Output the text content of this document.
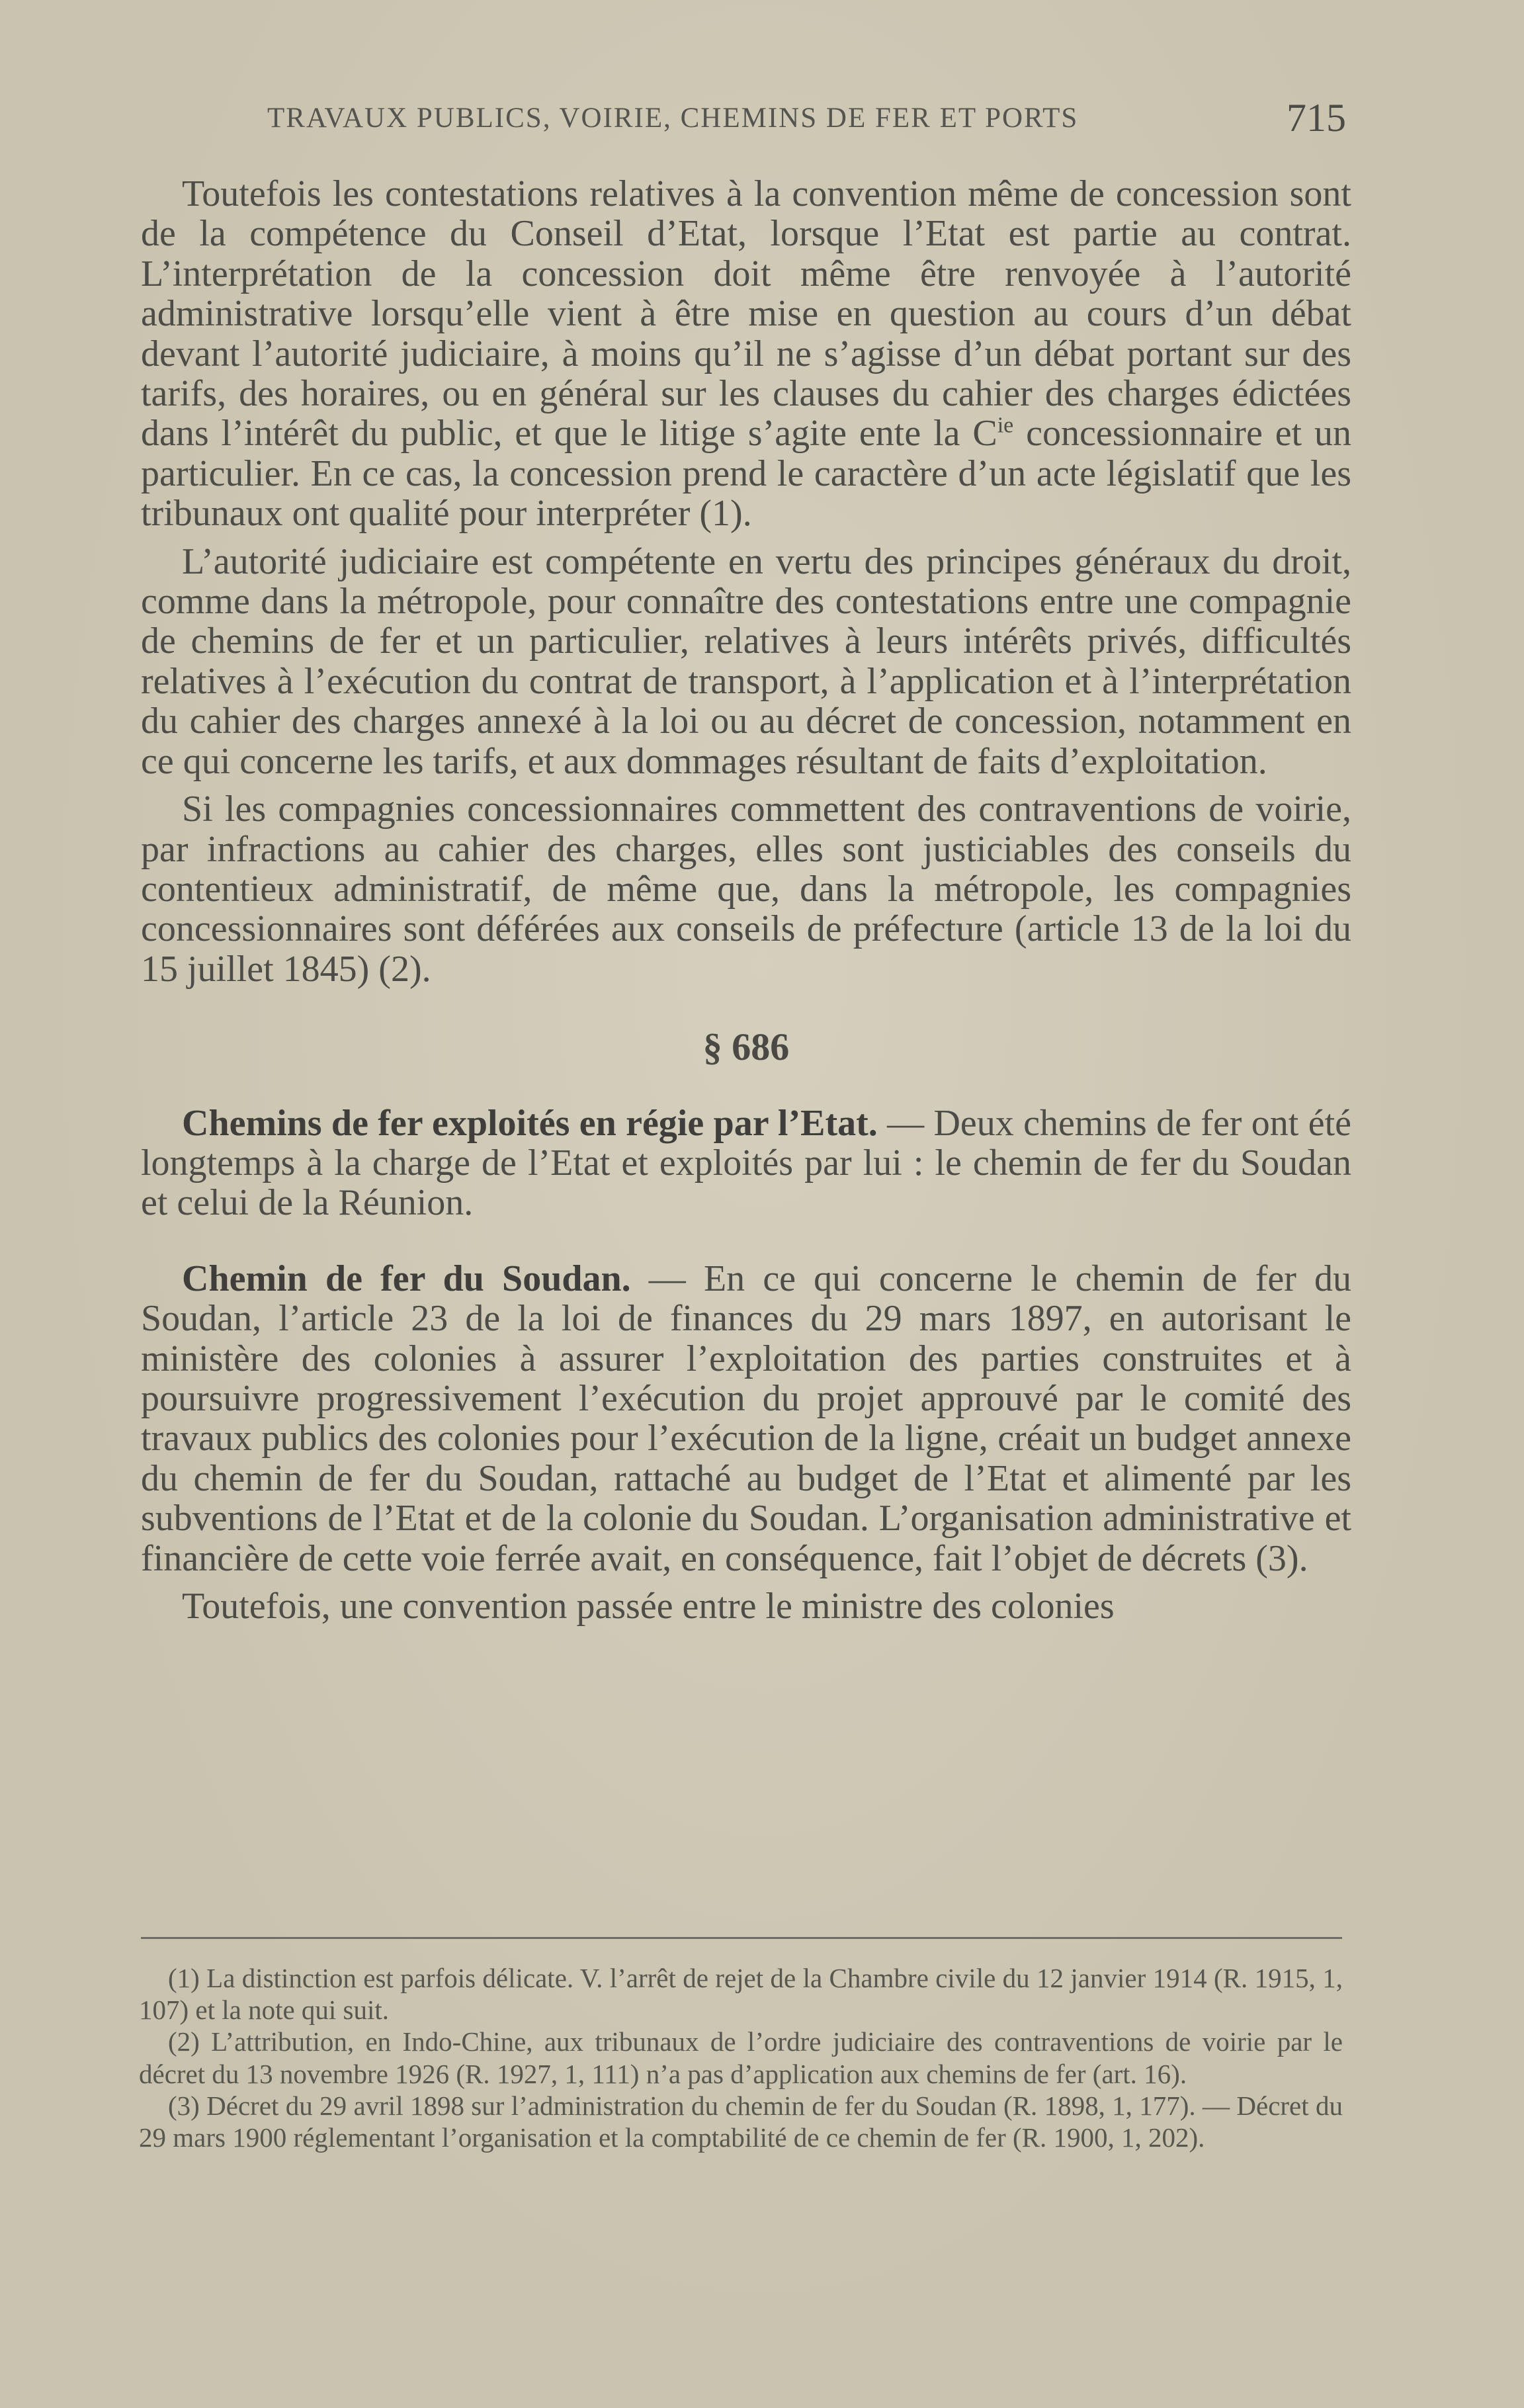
TRAVAUX PUBLICS, VOIRIE, CHEMINS DE FER ET PORTS	715

Toutefois les contestations relatives à la convention même de concession sont de la compétence du Conseil d’Etat, lorsque l’Etat est partie au contrat. L’interprétation de la concession doit même être renvoyée à l’autorité administrative lorsqu’elle vient à être mise en question au cours d’un débat devant l’autorité judiciaire, à moins qu’il ne s’agisse d’un débat portant sur des tarifs, des horaires, ou en général sur les clauses du cahier des charges édictées dans l’intérêt du public, et que le litige s’agite ente la $C^{ie}$ concessionnaire et un particulier. En ce cas, la concession prend le caractère d’un acte législatif que les tribunaux ont qualité pour interpréter (1).

L’autorité judiciaire est compétente en vertu des principes généraux du droit, comme dans la métropole, pour connaître des contestations entre une compagnie de chemins de fer et un particulier, relatives à leurs intérêts privés, difficultés relatives à l’exécution du contrat de transport, à l’application et à l’interprétation du cahier des charges annexé à la loi ou au décret de concession, notamment en ce qui concerne les tarifs, et aux dommages résultant de faits d’exploitation.

Si les compagnies concessionnaires commettent des contraventions de voirie, par infractions au cahier des charges, elles sont justiciables des conseils du contentieux administratif, de même que, dans la métropole, les compagnies concessionnaires sont déférées aux conseils de préfecture (article 13 de la loi du 15 juillet 1845) (2).

§ 686

Chemins de fer exploités en régie par l’Etat. — Deux chemins de fer ont été longtemps à la charge de l’Etat et exploités par lui : le chemin de fer du Soudan et celui de la Réunion.

Chemin de fer du Soudan. — En ce qui concerne le chemin de fer du Soudan, l’article 23 de la loi de finances du 29 mars 1897, en autorisant le ministère des colonies à assurer l’exploitation des parties construites et à poursuivre progressivement l’exécution du projet approuvé par le comité des travaux publics des colonies pour l’exécution de la ligne, créait un budget annexe du chemin de fer du Soudan, rattaché au budget de l’Etat et alimenté par les subventions de l’Etat et de la colonie du Soudan. L’organisation administrative et financière de cette voie ferrée avait, en conséquence, fait l’objet de décrets (3).

Toutefois, une convention passée entre le ministre des colonies

(1) La distinction est parfois délicate. V. l’arrêt de rejet de la Chambre civile du 12 janvier 1914 (R. 1915, 1, 107) et la note qui suit.

(2) L’attribution, en Indo-Chine, aux tribunaux de l’ordre judiciaire des contraventions de voirie par le décret du 13 novembre 1926 (R. 1927, 1, 111) n’a pas d’application aux chemins de fer (art. 16).

(3) Décret du 29 avril 1898 sur l’administration du chemin de fer du Soudan (R. 1898, 1, 177). — Décret du 29 mars 1900 réglementant l’organisation et la comptabilité de ce chemin de fer (R. 1900, 1, 202).
